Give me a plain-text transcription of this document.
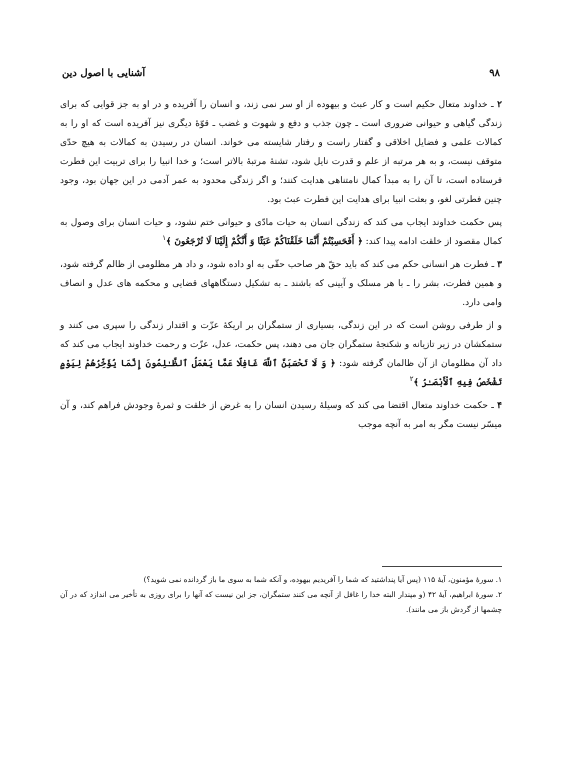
۹۸
آشنایی با اصول دین

۲ ـ خداوند متعال حکیم است و کار عبث و بیهوده از او سر نمی زند، و انسان را آفریده و در او به جز قوایی که برای زندگی گیاهی و حیوانی ضروری است ـ چون جذب و دفع و شهوت و غضب ـ قوّهٔ دیگری نیز آفریده است که او را به کمالات علمی و فضایل اخلاقی و گفتار راست و رفتار شایسته می خواند. انسان در رسیدن به کمالات به هیچ حدّی متوقف نیست، و به هر مرتبه از علم و قدرت نایل شود، تشنهٔ مرتبهٔ بالاتر است؛ و خدا انبیا را برای تربیت این فطرت فرستاده است، تا آن را به مبدأ کمال نامتناهی هدایت کنند؛ و اگر زندگی محدود به عمر آدمی در این جهان بود، وجود چنین فطرتی لغو، و بعثت انبیا برای هدایت این فطرت عبث بود.

پس حکمت خداوند ایجاب می کند که زندگی انسان به حیات مادّی و حیوانی ختم نشود، و حیات انسان برای وصول به کمال مقصود از خلقت ادامه پیدا کند: ﴿ أَفَحَسِبْتُمْ أَنَّمَا خَلَقْنَاكُمْ عَبَثًا وَ أَنَّكُمْ إِلَيْنَا لَا تُرْجَعُونَ ﴾$^۱$

۳ ـ فطرت هر انسانی حکم می کند که باید حقّ هر صاحب حقّی به او داده شود، و داد هر مظلومی از ظالم گرفته شود، و همین فطرت، بشر را ـ با هر مسلک و آیینی که باشند ـ به تشکیل دستگاههای قضایی و محکمه های عدل و انصاف وامی دارد.

و از طرفی روشن است که در این زندگی، بسیاری از ستمگران بر اریکهٔ عزّت و اقتدار زندگی را سپری می کنند و ستمکشان در زیر تازیانه و شکنجهٔ ستمگران جان می دهند، پس حکمت، عدل، عزّت و رحمت خداوند ایجاب می کند که داد آن مظلومان از آن ظالمان گرفته شود: ﴿ وَ لَا تَحْسَبَنَّ ٱللَّهَ غَافِلًا عَمَّا يَعْمَلُ ٱلظَّـٰلِمُونَ إِنَّمَا يُؤَخِّرُهُمْ لِيَوْمٍ تَشْخَصُ فِيهِ ٱلْأَبْصَـٰرُ ﴾$^۲$

۴ ـ حکمت خداوند متعال اقتضا می کند که وسیلهٔ رسیدن انسان را به غرض از خلقت و ثمرهٔ وجودش فراهم کند، و آن میسّر نیست مگر به امر به آنچه موجب

۱. سورهٔ مؤمنون، آیهٔ ۱۱۵ (پس آیا پنداشتید که شما را آفریدیم بیهوده، و آنکه شما به سوی ما باز گردانده نمی شوید؟)

۲. سورهٔ ابراهیم، آیهٔ ۴۲ (و مپندار البته خدا را غافل از آنچه می کنند ستمگران، جز این نیست که آنها را برای روزی به تأخیر می اندازد که در آن چشمها از گردش باز می مانند).
